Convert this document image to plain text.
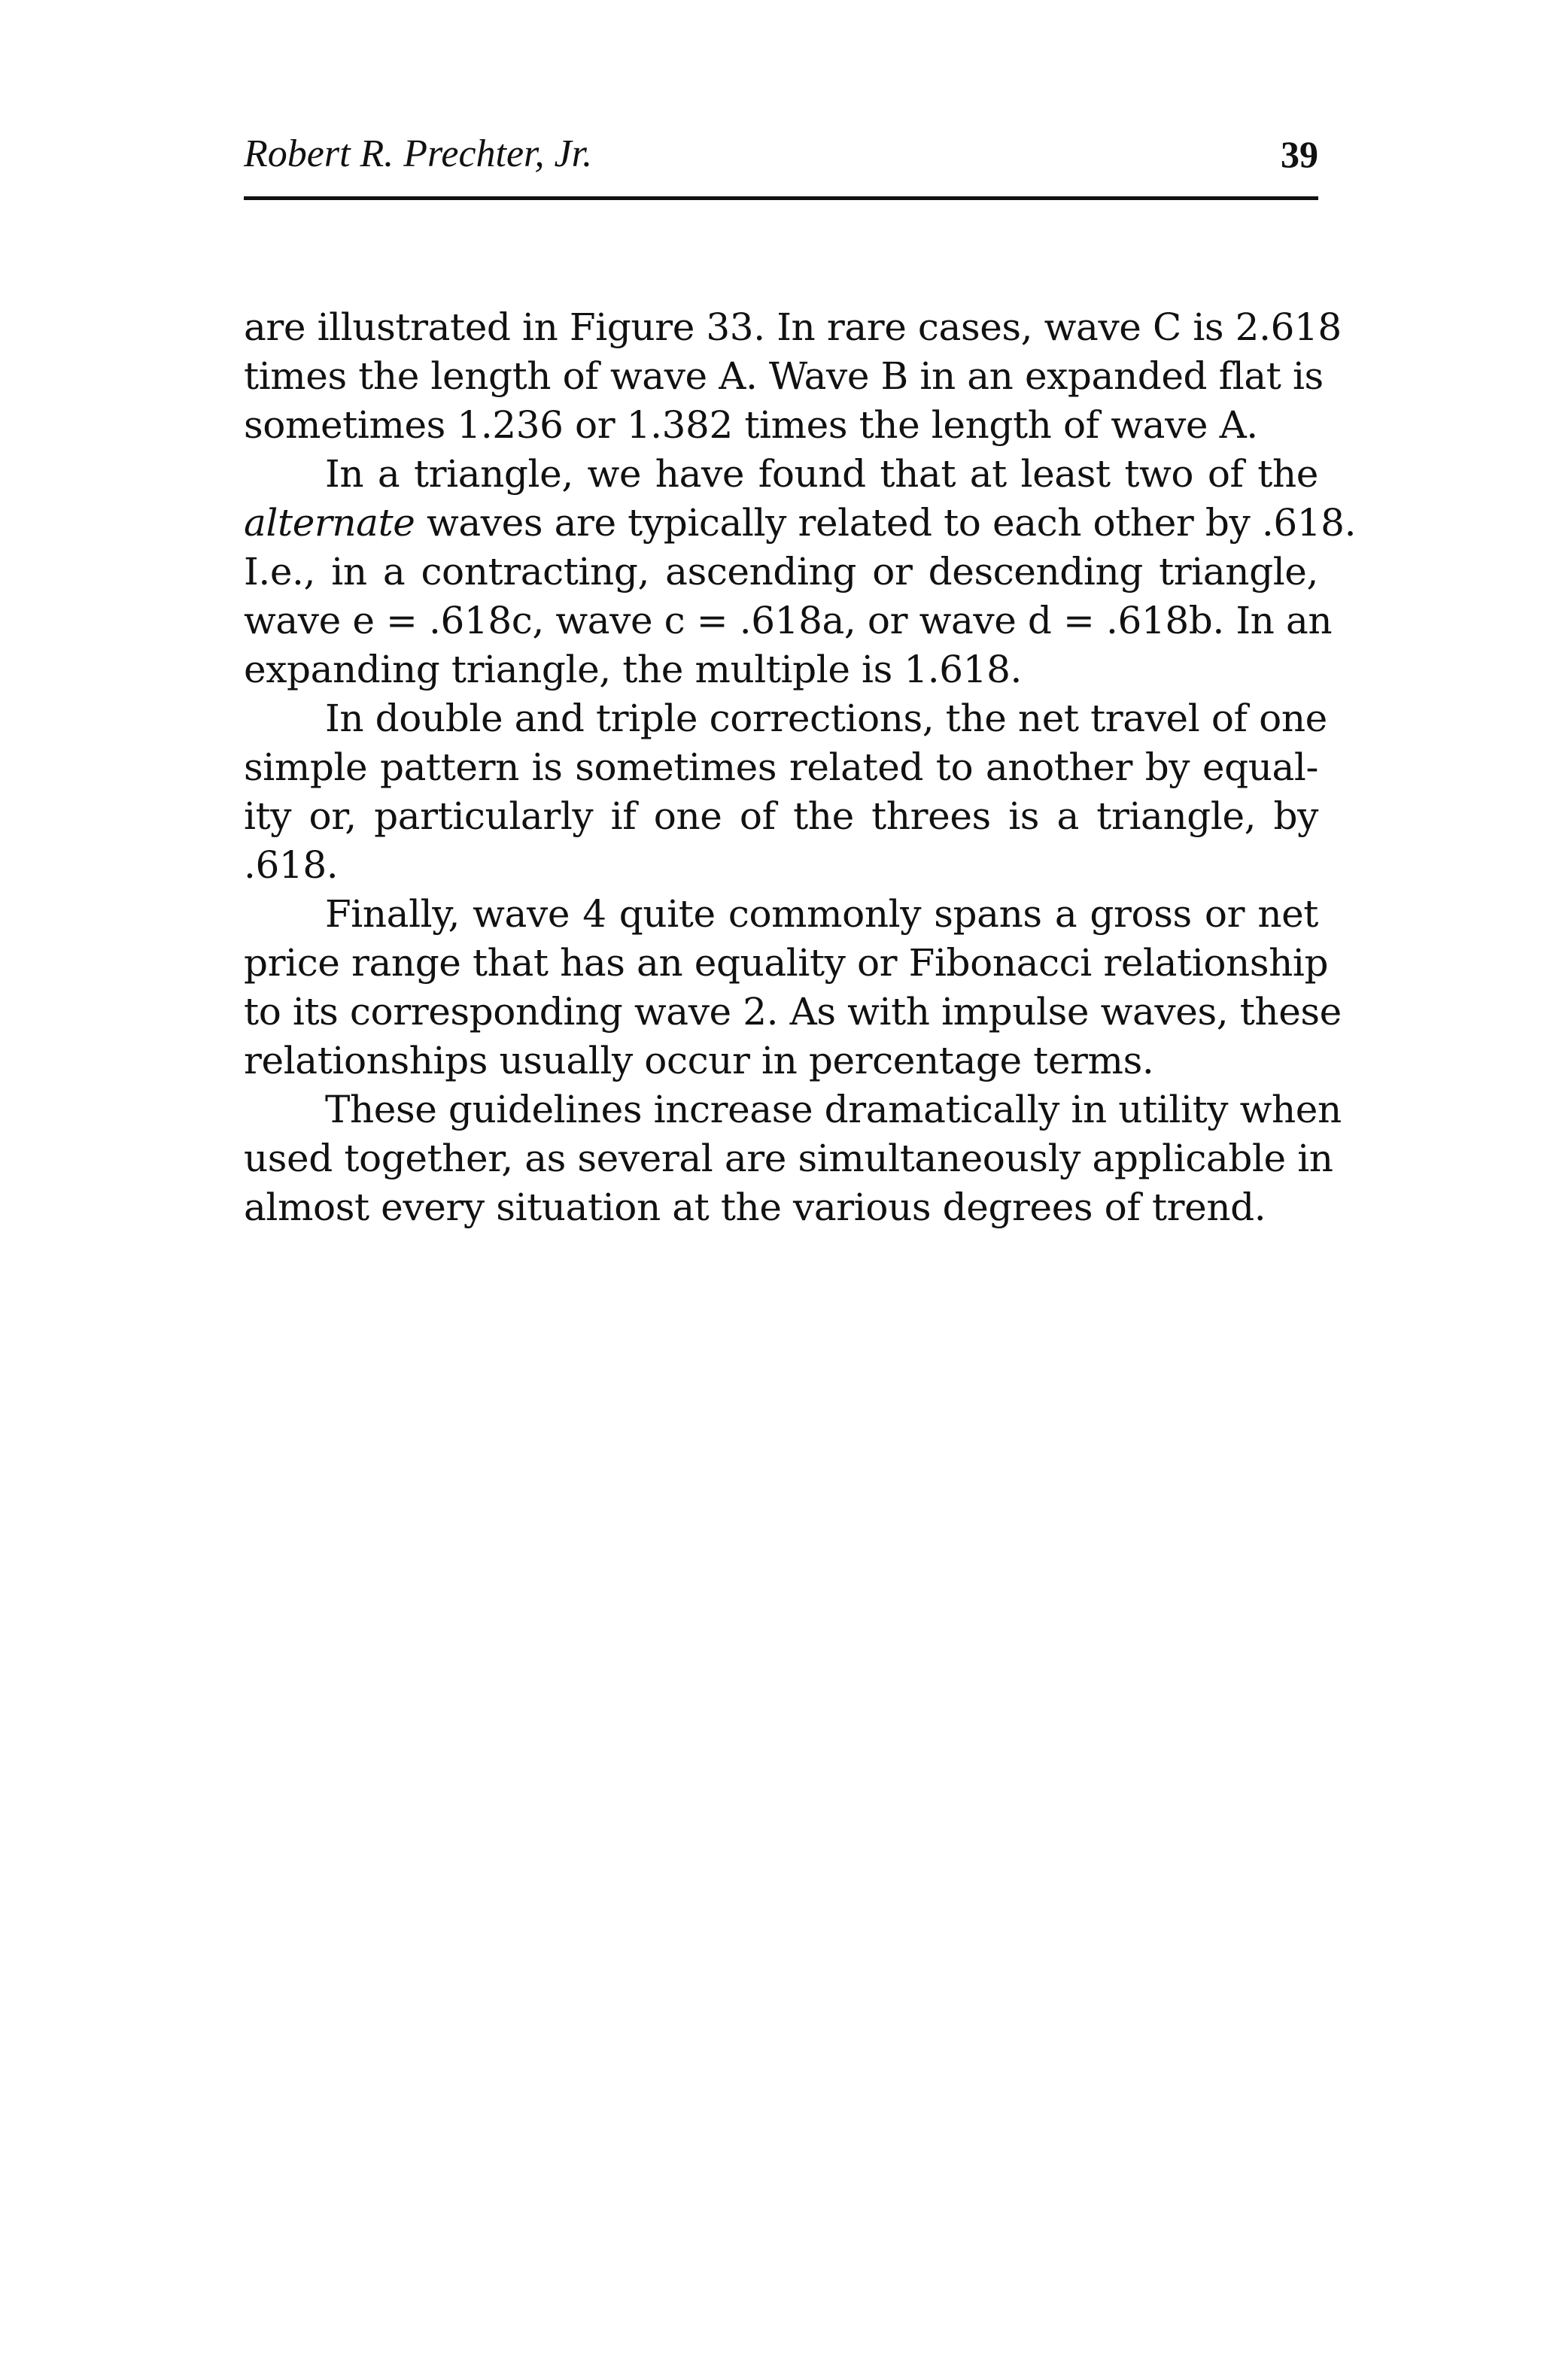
Robert R. Prechter, Jr.	39
are illustrated in Figure 33. In rare cases, wave C is 2.618
times the length of wave A. Wave B in an expanded flat is
sometimes 1.236 or 1.382 times the length of wave A.
In a triangle, we have found that at least two of the
alternate waves are typically related to each other by .618.
I.e., in a contracting, ascending or descending triangle,
wave e = .618c, wave c = .618a, or wave d = .618b. In an
expanding triangle, the multiple is 1.618.
In double and triple corrections, the net travel of one
simple pattern is sometimes related to another by equal-
ity or, particularly if one of the threes is a triangle, by
.618.
Finally, wave 4 quite commonly spans a gross or net
price range that has an equality or Fibonacci relationship
to its corresponding wave 2. As with impulse waves, these
relationships usually occur in percentage terms.
These guidelines increase dramatically in utility when
used together, as several are simultaneously applicable in
almost every situation at the various degrees of trend.
